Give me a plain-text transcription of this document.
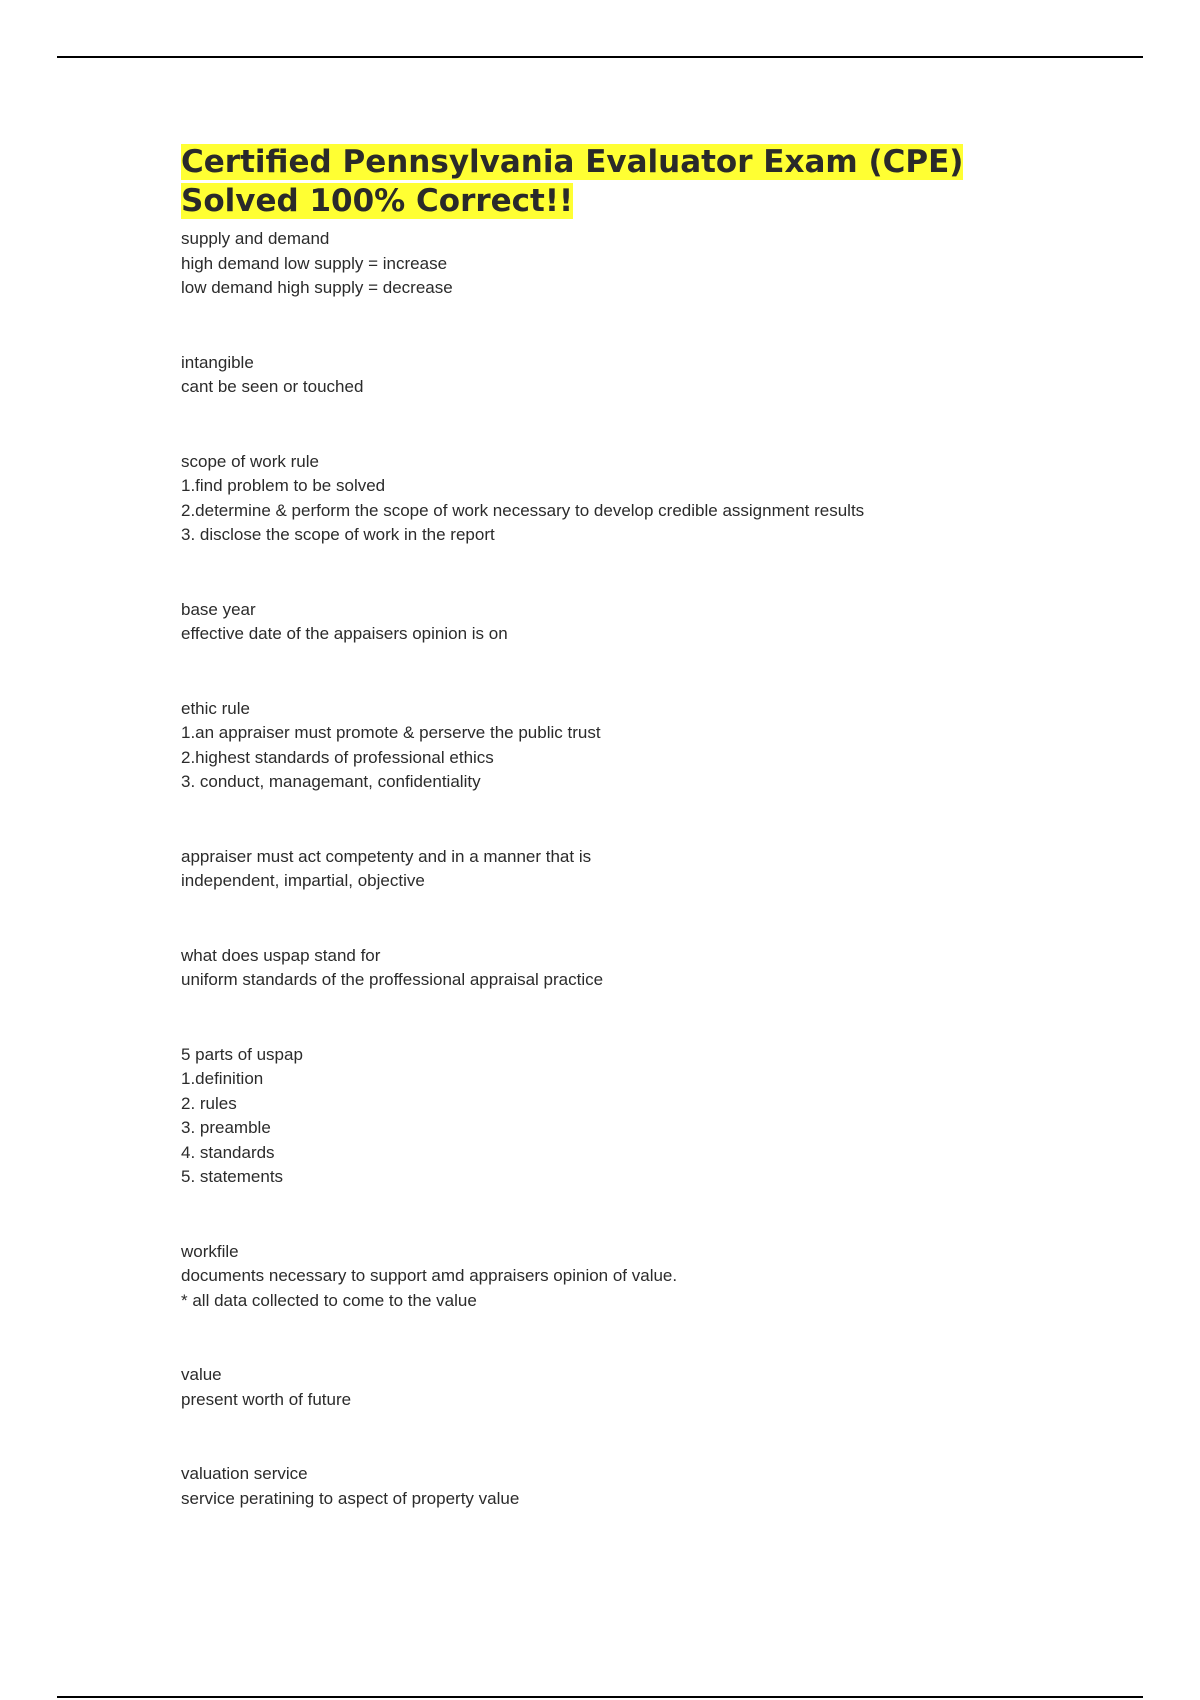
Certified Pennsylvania Evaluator Exam (CPE)
Solved 100% Correct!!
supply and demand
high demand low supply = increase
low demand high supply = decrease
intangible
cant be seen or touched
scope of work rule
1.find problem to be solved
2.determine & perform the scope of work necessary to develop credible assignment results
3. disclose the scope of work in the report
base year
effective date of the appaisers opinion is on
ethic rule
1.an appraiser must promote & perserve the public trust
2.highest standards of professional ethics
3. conduct, managemant, confidentiality
appraiser must act competenty and in a manner that is
independent, impartial, objective
what does uspap stand for
uniform standards of the proffessional appraisal practice
5 parts of uspap
1.definition
2. rules
3. preamble
4. standards
5. statements
workfile
documents necessary to support amd appraisers opinion of value.
* all data collected to come to the value
value
present worth of future
valuation service
service peratining to aspect of property value
